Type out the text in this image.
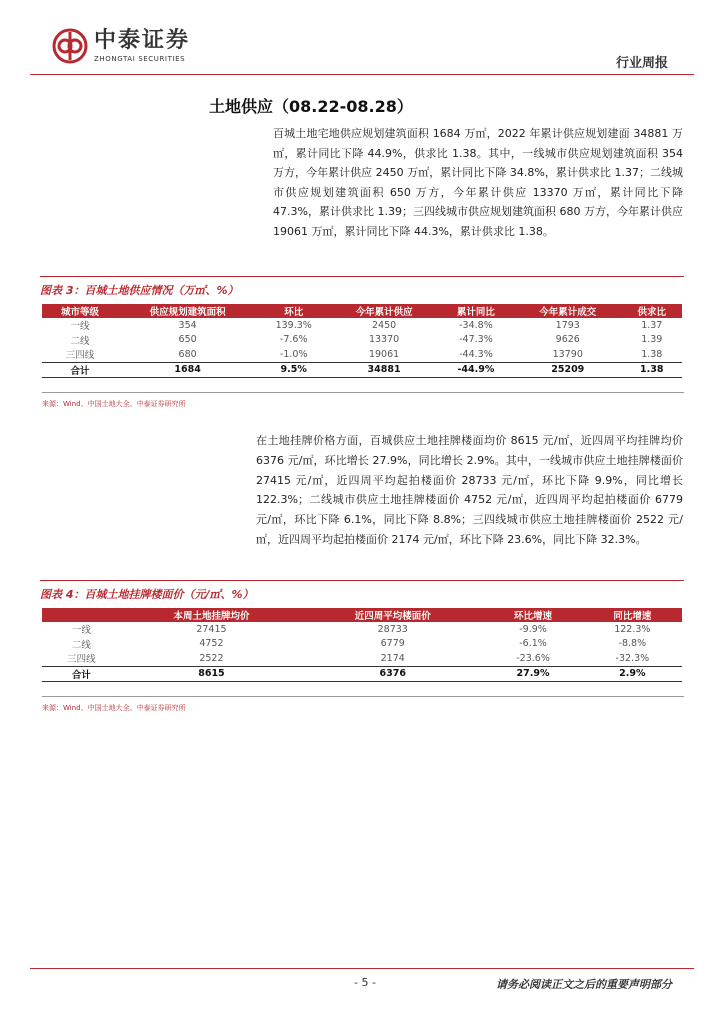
中泰证券
ZHONGTAI SECURITIES	行业周报
土地供应（08.22-08.28）
百城土地宅地供应规划建筑面积 1684 万㎡，2022 年累计供应规划建面 34881 万㎡，累计同比下降 44.9%，供求比 1.38。其中，一线城市供应规划建筑面积 354 万方，今年累计供应 2450 万㎡，累计同比下降 34.8%，累计供求比 1.37；二线城市供应规划建筑面积 650 万方，今年累计供应 13370 万㎡，累计同比下降 47.3%，累计供求比 1.39；三四线城市供应规划建筑面积 680 万方，今年累计供应 19061 万㎡，累计同比下降 44.3%，累计供求比 1.38。
图表 3：百城土地供应情况（万㎡、%）
城市等级	供应规划建筑面积	环比	今年累计供应	累计同比	今年累计成交	供求比
一线	354	139.3%	2450	-34.8%	1793	1.37
二线	650	-7.6%	13370	-47.3%	9626	1.39
三四线	680	-1.0%	19061	-44.3%	13790	1.38
合计	1684	9.5%	34881	-44.9%	25209	1.38
来源：Wind、中国土地大全、中泰证券研究所
在土地挂牌价格方面，百城供应土地挂牌楼面均价 8615 元/㎡，近四周平均挂牌均价 6376 元/㎡，环比增长 27.9%，同比增长 2.9%。其中，一线城市供应土地挂牌楼面价 27415 元/㎡，近四周平均起拍楼面价 28733 元/㎡，环比下降 9.9%，同比增长 122.3%；二线城市供应土地挂牌楼面价 4752 元/㎡，近四周平均起拍楼面价 6779 元/㎡，环比下降 6.1%，同比下降 8.8%；三四线城市供应土地挂牌楼面价 2522 元/㎡，近四周平均起拍楼面价 2174 元/㎡，环比下降 23.6%，同比下降 32.3%。
图表 4：百城土地挂牌楼面价（元/㎡、%）
	本周土地挂牌均价	近四周平均楼面价	环比增速	同比增速
一线	27415	28733	-9.9%	122.3%
二线	4752	6779	-6.1%	-8.8%
三四线	2522	2174	-23.6%	-32.3%
合计	8615	6376	27.9%	2.9%
来源：Wind、中国土地大全、中泰证券研究所
- 5 -	请务必阅读正文之后的重要声明部分
